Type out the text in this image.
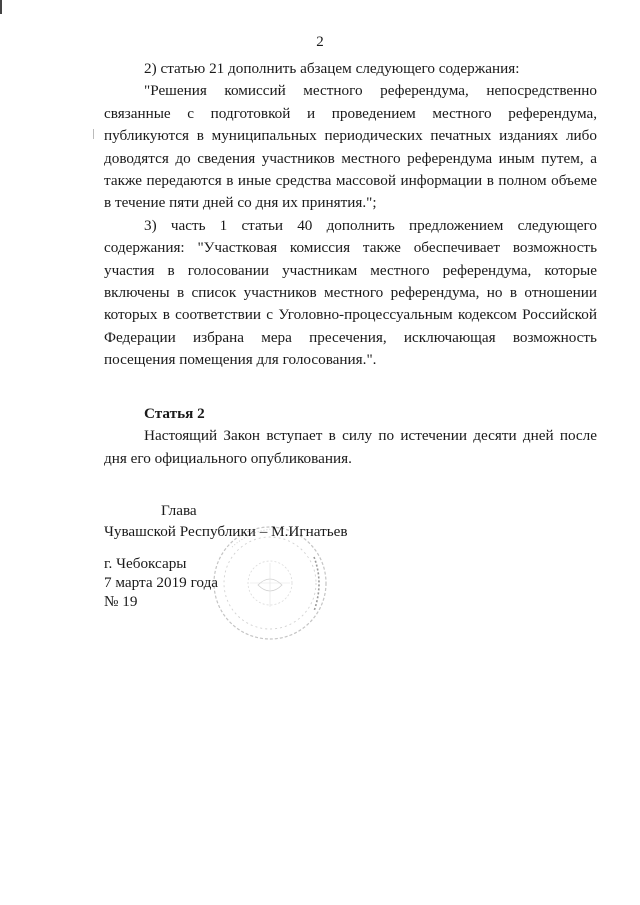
2

2) статью 21 дополнить абзацем следующего содержания:

"Решения комиссий местного референдума, непосредственно связанные с подготовкой и проведением местного референдума, публикуются в муниципальных периодических печатных изданиях либо доводятся до сведения участников местного референдума иным путем, а также передаются в иные средства массовой информации в полном объеме в течение пяти дней со дня их принятия.";

3) часть 1 статьи 40 дополнить предложением следующего содержания: "Участковая комиссия также обеспечивает возможность участия в голосовании участникам местного референдума, которые включены в список участников местного референдума, но в отношении которых в соответствии с Уголовно-процессуальным кодексом Российской Федерации избрана мера пресечения, исключающая возможность посещения помещения для голосования.".

Статья 2

Настоящий Закон вступает в силу по истечении десяти дней после дня его официального опубликования.

Глава
Чувашской Республики – М.Игнатьев
г. Чебоксары
7 марта 2019 года
№ 19
